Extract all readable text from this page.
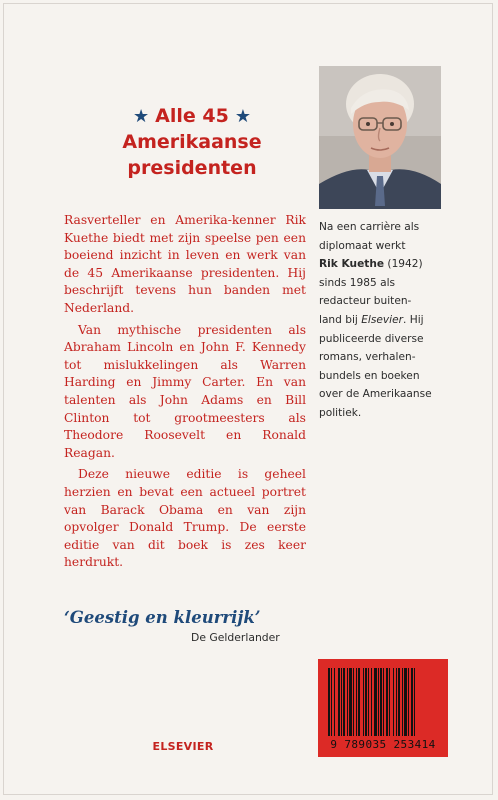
★ Alle 45 ★
Amerikaanse
presidenten

Rasverteller en Amerika-kenner Rik Kuethe biedt met zijn speelse pen een boeiend inzicht in leven en werk van de 45 Amerikaanse presidenten. Hij beschrijft tevens hun banden met Nederland.

Van mythische presidenten als Abraham Lincoln en John F. Kennedy tot mislukkelingen als Warren Harding en Jimmy Carter. En van talenten als John Adams en Bill Clinton tot grootmeesters als Theodore Roosevelt en Ronald Reagan.

Deze nieuwe editie is geheel herzien en bevat een actueel portret van Barack Obama en van zijn opvolger Donald Trump. De eerste editie van dit boek is zes keer herdrukt.

Na een carrière als
diplomaat werkt
Rik Kuethe (1942)
sinds 1985 als
redacteur buiten-
land bij Elsevier. Hij
publiceerde diverse
romans, verhalen-
bundels en boeken
over de Amerikaanse
politiek.
‘Geestig en kleurrijk’
De Gelderlander
ELSEVIER	9 789035 253414
